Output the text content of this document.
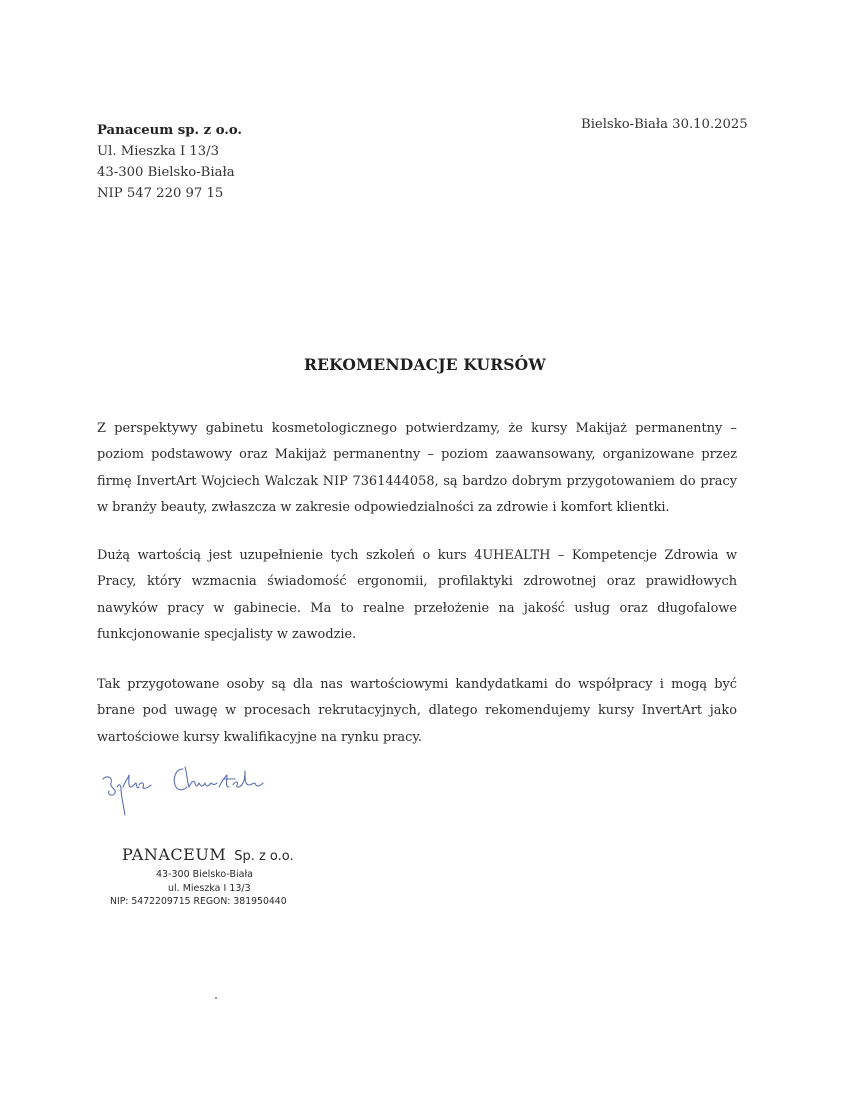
Panaceum sp. z o.o.
Ul. Mieszka I 13/3
43-300 Bielsko-Biała
NIP 547 220 97 15
Bielsko-Biała 30.10.2025
REKOMENDACJE KURSÓW
Z perspektywy gabinetu kosmetologicznego potwierdzamy, że kursy Makijaż permanentny – poziom podstawowy oraz Makijaż permanentny – poziom zaawansowany, organizowane przez firmę InvertArt Wojciech Walczak NIP 7361444058, są bardzo dobrym przygotowaniem do pracy w branży beauty, zwłaszcza w zakresie odpowiedzialności za zdrowie i komfort klientki.
Dużą wartością jest uzupełnienie tych szkoleń o kurs 4UHEALTH – Kompetencje Zdrowia w Pracy, który wzmacnia świadomość ergonomii, profilaktyki zdrowotnej oraz prawidłowych nawyków pracy w gabinecie. Ma to realne przełożenie na jakość usług oraz długofalowe funkcjonowanie specjalisty w zawodzie.
Tak przygotowane osoby są dla nas wartościowymi kandydatkami do współpracy i mogą być brane pod uwagę w procesach rekrutacyjnych, dlatego rekomendujemy kursy InvertArt jako wartościowe kursy kwalifikacyjne na rynku pracy.
PANACEUM Sp. z o.o.
43-300 Bielsko-Biała
ul. Mieszka I 13/3
NIP: 5472209715 REGON: 381950440
